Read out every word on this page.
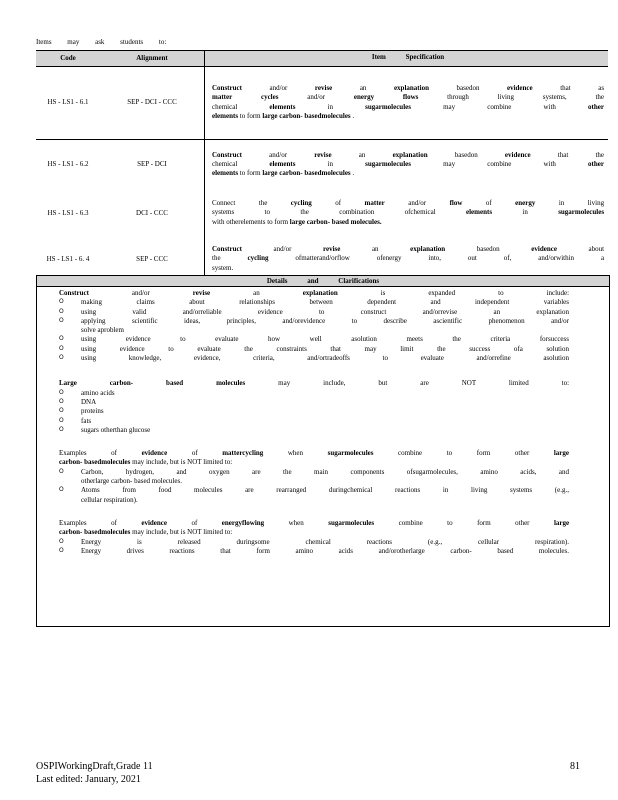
Items may ask students to:
Code	Alignment	Item Specification
HS - LS1 - 6.1	SEP - DCI - CCC	Construct and/or revise an explanation basedon evidence that as
matter cycles and/or energy flows through living systems, the
chemical elements in sugarmolecules may combine with other
elements to form large carbon- basedmolecules .

HS - LS1 - 6.2	SEP - DCI	Construct and/or revise an explanation basedon evidence that the
chemical elements in sugarmolecules may combine with other
elements to form large carbon- basedmolecules .

HS - LS1 - 6.3	DCI - CCC	Connect the cycling of matter and/or flow of energy in living
systems to the combination ofchemical elements in sugarmolecules
with otherelements to form large carbon- based molecules.

HS - LS1 - 6. 4	SEP - CCC	Construct and/or revise an explanation basedon evidence about
the cycling ofmatterand/orflow ofenergy into, out of, and/orwithin a
system.
Details and Clarifications
Construct	and/or	revise	an	explanation	is	expanded	to	include:
O making claims about relationships between dependent and independent variables
O using valid and/orreliable evidence to construct and/orrevise an explanation
O applying scientific ideas, principles, and/orevidence to describe ascientific phenomenon and/or
solve aproblem
O using evidence to evaluate how well asolution meets the criteria forsuccess
O using evidence to evaluate the constraints that may limit the success ofa solution
O using knowledge, evidence, criteria, and/ortradeoffs to evaluate and/orrefine asolution
Large	carbon-	based	molecules	may	include,	but	are	NOT	limited	to:
O amino acids
O DNA
O proteins
O fats
O sugars otherthan glucose
Examples	of	evidence	of	mattercycling	when	sugarmolecules	combine	to	form	other	large
carbon- basedmolecules may include, but is NOT limited to:
O Carbon, hydrogen, and oxygen are the main components ofsugarmolecules, amino acids, and
otherlarge carbon- based molecules.
O Atoms from food molecules are rearranged duringchemical reactions in living systems (e.g.,
cellular respiration).
Examples	of	evidence	of	energyflowing	when	sugarmolecules	combine	to	form	other	large
carbon- basedmolecules may include, but is NOT limited to:
O Energy is released duringsome chemical reactions (e.g., cellular respiration).
O Energy drives reactions that form amino acids and/orotherlarge carbon- based molecules.
OSPIWorkingDraft,Grade 11
Last edited: January, 2021
81
